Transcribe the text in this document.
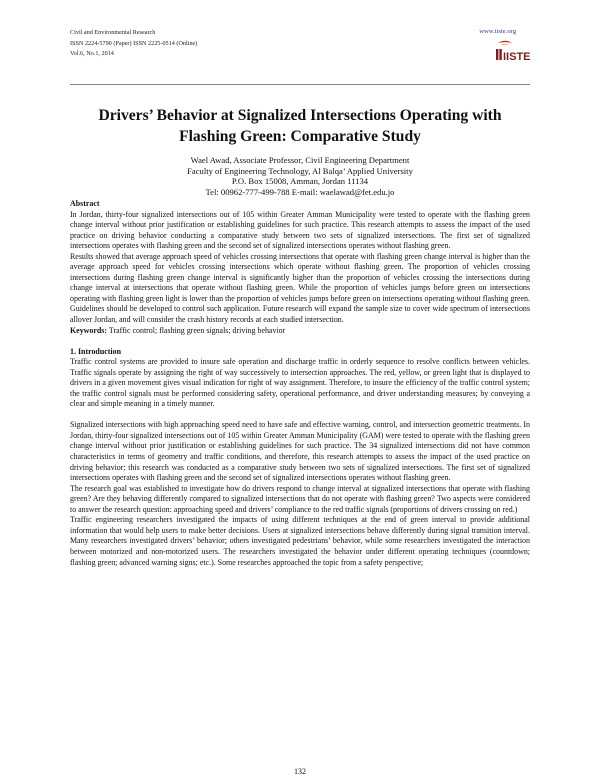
Civil and Environmental Research
ISSN 2224-5790 (Paper) ISSN 2225-0514 (Online)
Vol.6, No.1, 2014
www.iiste.org
IISTE
Drivers’ Behavior at Signalized Intersections Operating with
Flashing Green: Comparative Study
Wael Awad, Associate Professor, Civil Engineering Department
Faculty of Engineering Technology, Al Balqa’ Applied University
P.O. Box 15008, Amman, Jordan 11134
Tel: 00962-777-499-788 E-mail: waelawad@fet.edu.jo

Abstract

In Jordan, thirty-four signalized intersections out of 105 within Greater Amman Municipality were tested to operate with the flashing green change interval without prior justification or establishing guidelines for such practice. This research attempts to assess the impact of the used practice on driving behavior conducting a comparative study between two sets of signalized intersections. The first set of signalized intersections operates with flashing green and the second set of signalized intersections operates without flashing green.

Results showed that average approach speed of vehicles crossing intersections that operate with flashing green change interval is higher than the average approach speed for vehicles crossing intersections which operate without flashing green. The proportion of vehicles crossing intersections during flashing green change interval is significantly higher than the proportion of vehicles crossing the intersections during change interval at intersections that operate without flashing green. While the proportion of vehicles jumps before green on intersections operating with flashing green light is lower than the proportion of vehicles jumps before green on intersections operating without flashing green. Guidelines should be developed to control such application. Future research will expand the sample size to cover wide spectrum of intersections allover Jordan, and will consider the crash history records at each studied intersection.

Keywords: Traffic control; flashing green signals; driving behavior

1. Introduction

Traffic control systems are provided to insure safe operation and discharge traffic in orderly sequence to resolve conflicts between vehicles. Traffic signals operate by assigning the right of way successively to intersection approaches. The red, yellow, or green light that is displayed to drivers in a given movement gives visual indication for right of way assignment. Therefore, to insure the efficiency of the traffic control system; the traffic control signals must be performed considering safety, operational performance, and driver understanding measures; by conveying a clear and simple meaning in a timely manner.

Signalized intersections with high approaching speed need to have safe and effective warning, control, and intersection geometric treatments. In Jordan, thirty-four signalized intersections out of 105 within Greater Amman Municipality (GAM) were tested to operate with the flashing green change interval without prior justification or establishing guidelines for such practice. The 34 signalized intersections did not have common characteristics in terms of geometry and traffic conditions, and therefore, this research attempts to assess the impact of the used practice on driving behavior; this research was conducted as a comparative study between two sets of signalized intersections. The first set of signalized intersections operates with flashing green and the second set of signalized intersections operates without flashing green.

The research goal was established to investigate how do drivers respond to change interval at signalized intersections that operate with flashing green? Are they behaving differently compared to signalized intersections that do not operate with flashing green? Two aspects were considered to answer the research question: approaching speed and drivers’ compliance to the red traffic signals (proportions of drivers crossing on red.)

Traffic engineering researchers investigated the impacts of using different techniques at the end of green interval to provide additional information that would help users to make better decisions. Users at signalized intersections behave differently during signal transition interval. Many researchers investigated drivers’ behavior; others investigated pedestrians’ behavior, while some researchers investigated the interaction between motorized and non-motorized users. The researchers investigated the behavior under different operating techniques (countdown; flashing green; advanced warning signs; etc.). Some researches approached the topic from a safety perspective;

132
